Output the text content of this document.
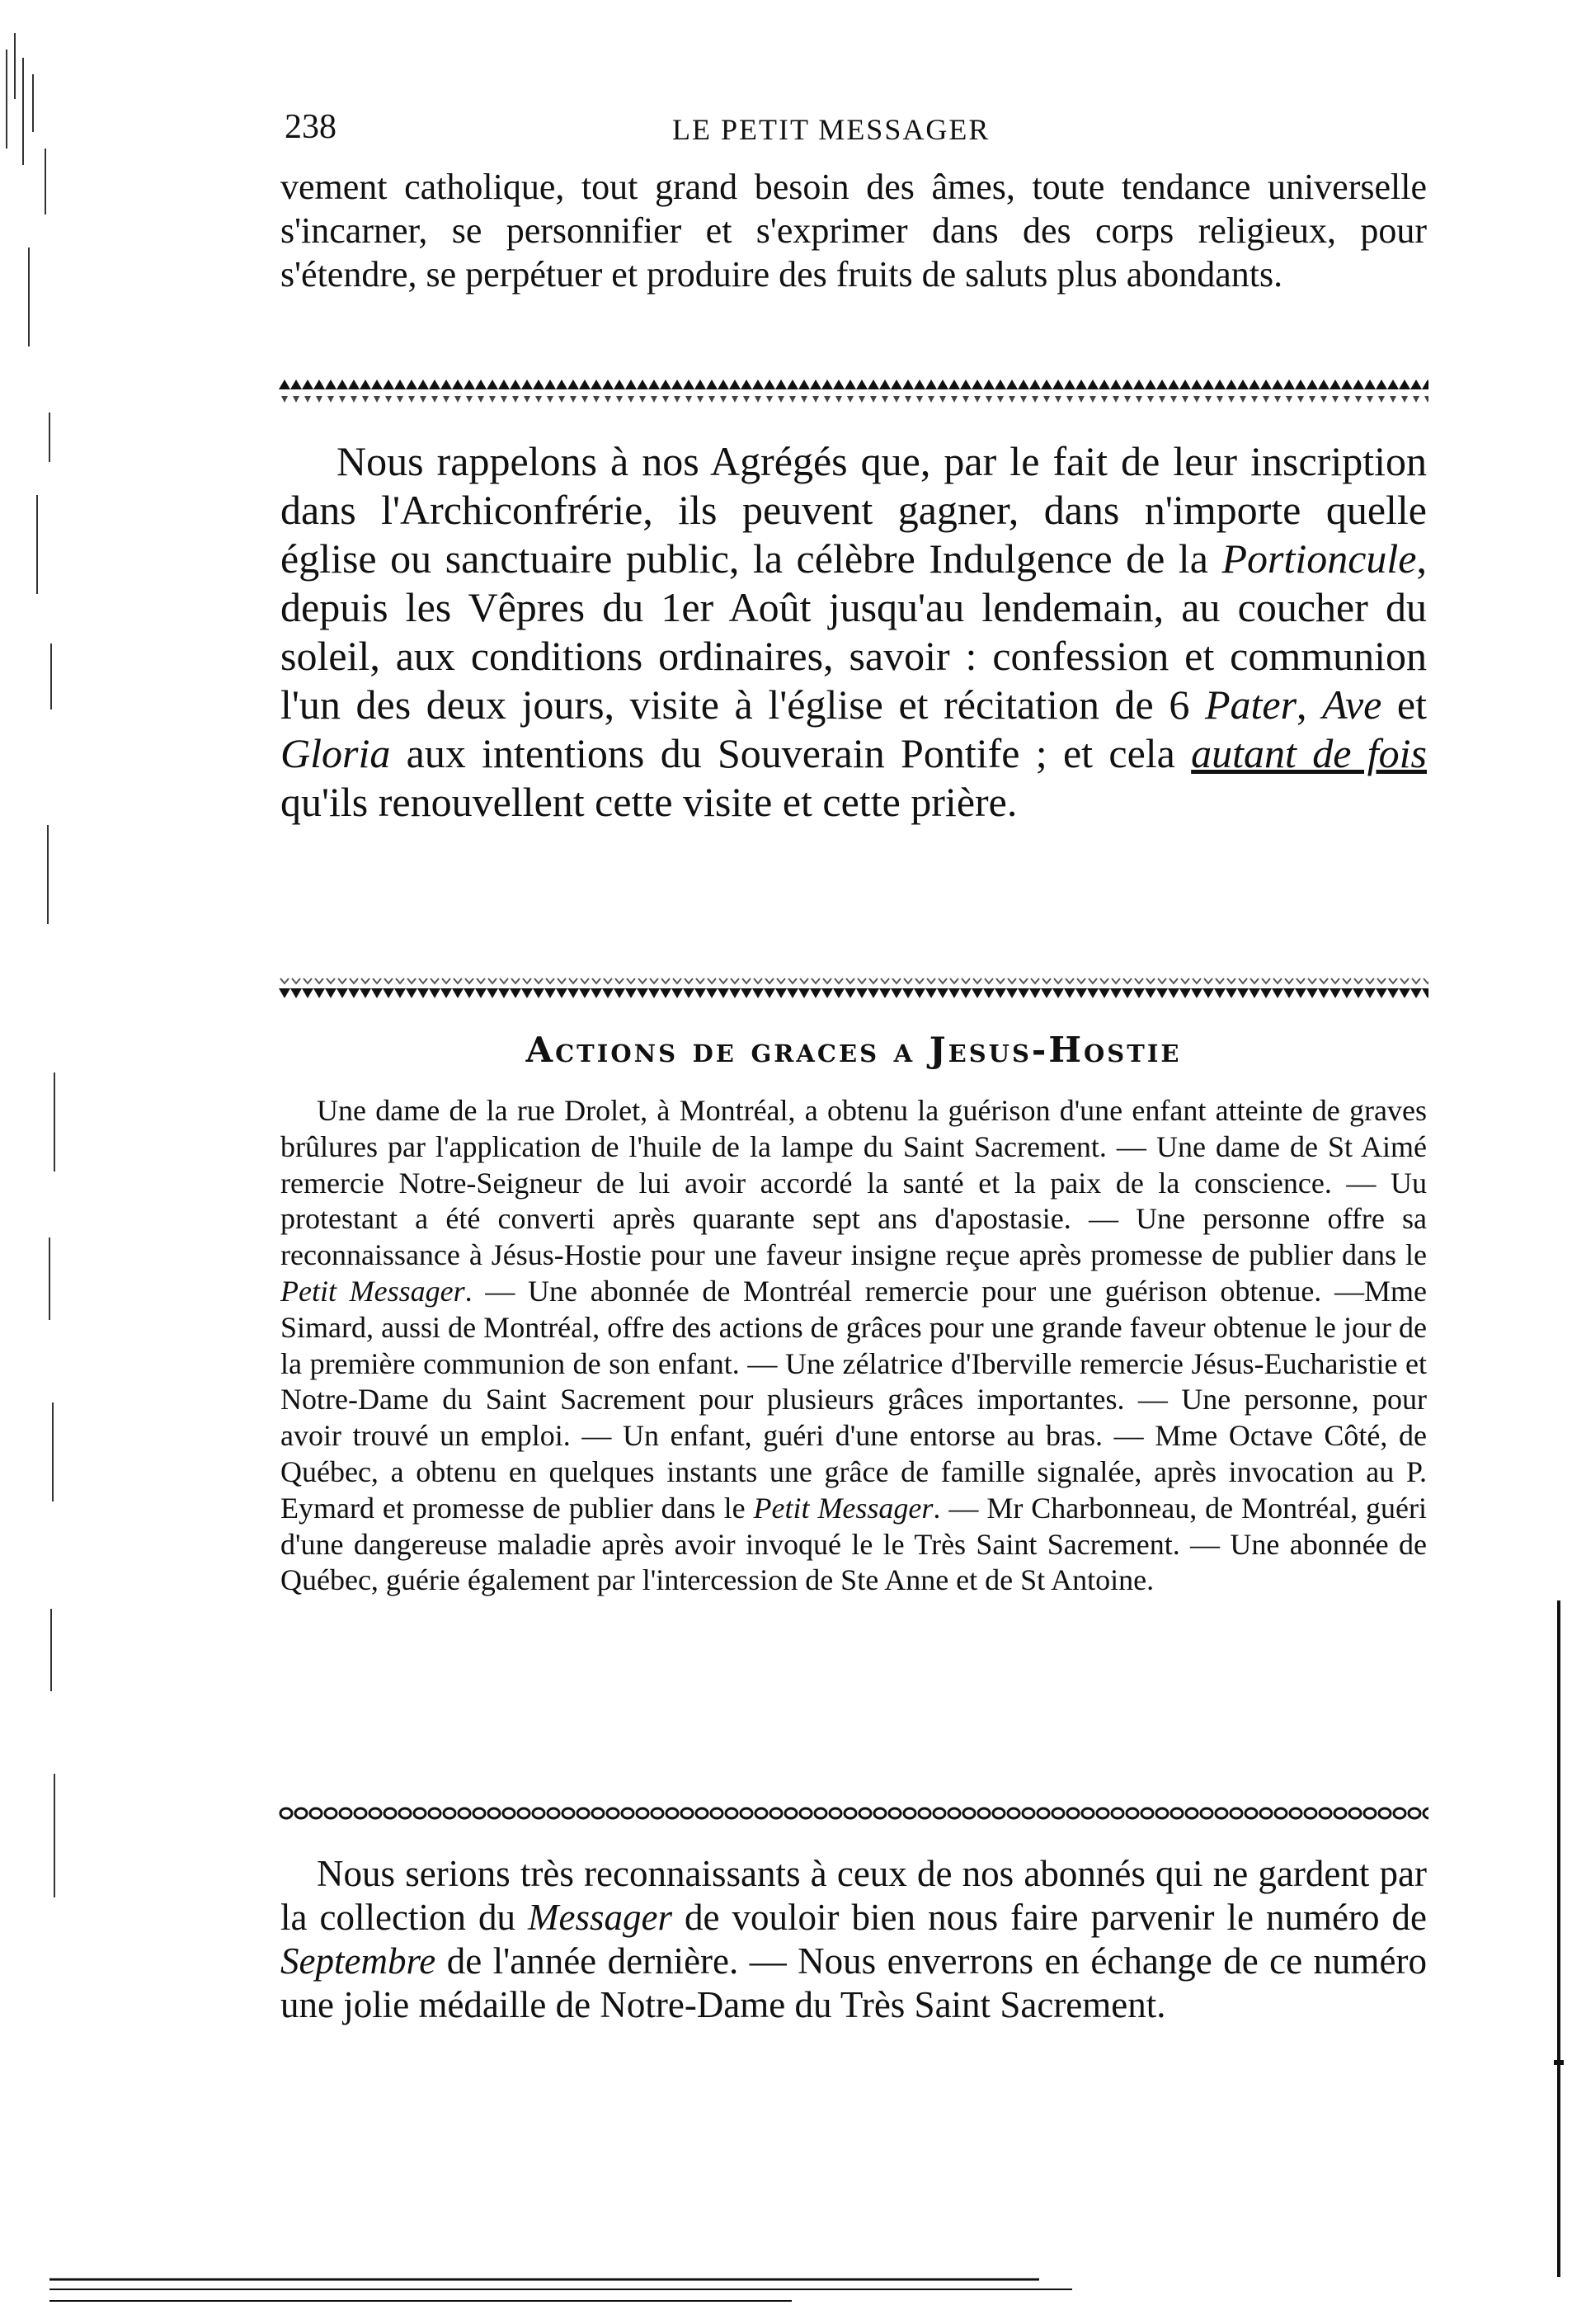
238	LE PETIT MESSAGER

vement catholique, tout grand besoin des âmes, toute tendance universelle s'incarner, se personnifier et s'exprimer dans des corps religieux, pour s'étendre, se perpétuer et produire des fruits de saluts plus abondants.

Nous rappelons à nos Agrégés que, par le fait de leur inscription dans l'Archiconfrérie, ils peuvent gagner, dans n'importe quelle église ou sanctuaire public, la célèbre Indulgence de la Portioncule, depuis les Vêpres du 1er Août jusqu'au lendemain, au coucher du soleil, aux conditions ordinaires, savoir : confession et communion l'un des deux jours, visite à l'église et récitation de 6 Pater, Ave et Gloria aux intentions du Souverain Pontife ; et cela autant de fois qu'ils renouvellent cette visite et cette prière.

Actions de graces a Jesus-Hostie

Une dame de la rue Drolet, à Montréal, a obtenu la guérison d'une enfant atteinte de graves brûlures par l'application de l'huile de la lampe du Saint Sacrement. — Une dame de St Aimé remercie Notre-Seigneur de lui avoir accordé la santé et la paix de la conscience. — Uu protestant a été converti après quarante sept ans d'apostasie. — Une personne offre sa reconnaissance à Jésus-Hostie pour une faveur insigne reçue après promesse de publier dans le Petit Messager. — Une abonnée de Montréal remercie pour une guérison obtenue. —Mme Simard, aussi de Montréal, offre des actions de grâces pour une grande faveur obtenue le jour de la première communion de son enfant. — Une zélatrice d'Iberville remercie Jésus-Eucharistie et Notre-Dame du Saint Sacrement pour plusieurs grâces importantes. — Une personne, pour avoir trouvé un emploi. — Un enfant, guéri d'une entorse au bras. — Mme Octave Côté, de Québec, a obtenu en quelques instants une grâce de famille signalée, après invocation au P. Eymard et promesse de publier dans le Petit Messager. — Mr Charbonneau, de Montréal, guéri d'une dangereuse maladie après avoir invoqué le le Très Saint Sacrement. — Une abonnée de Québec, guérie également par l'intercession de Ste Anne et de St Antoine.

Nous serions très reconnaissants à ceux de nos abonnés qui ne gardent par la collection du Messager de vouloir bien nous faire parvenir le numéro de Septembre de l'année dernière. — Nous enverrons en échange de ce numéro une jolie médaille de Notre-Dame du Très Saint Sacrement.
